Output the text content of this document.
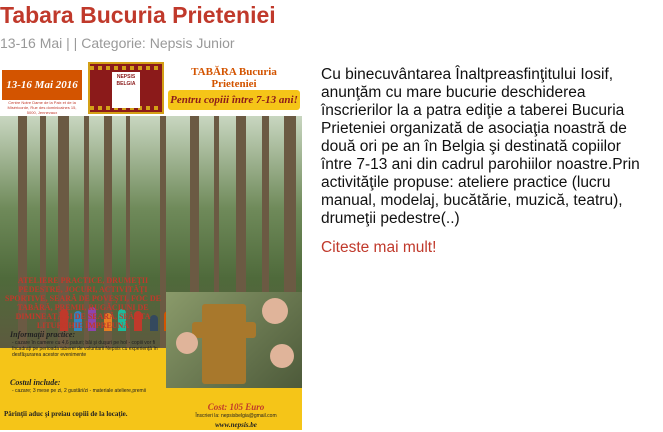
Tabara Bucuria Prieteniei
13-16 Mai | | Categorie: Nepsis Junior
13-16 Mai 2016
Centre Notre Dame de la Paix et de la Miséricorde, Rue des dominicaines 15, 5000, Jennevaux
NEPSIS BELGIA
TABĂRA Bucuria Prieteniei
Pentru copiii între 7-13 ani!
ATELIERE PRACTICE, DRUMEŢII PEDESTRE, JOCURI, ACTIVITĂŢI SPORTIVE, SEARĂ DE POVEŞTI, FOC DE TABĂRĂ, PREMII, RUGĂCIUNI DE DIMINEAŢĂ ŞI DE SEARĂ, SFÂNTA LITURGHIE ÎMPREUNĂ
Informaţii practice:
- cazare în camere cu 4,6 paturi; băi şi duşuri pe hol - copiii vor fi încadraţi pe perioada taberei de voluntarii Nepsis cu experienţă în desfăşurarea acestor evenimente
Costul include:
- cazare; 3 mese pe zi, 2 gustări/zi - materiale ateliere,premii
Părinţii aduc şi preiau copiii de la locaţie.
Cost: 105 Euro
Înscrieri la: nepsisbelgia@gmail.com
www.nepsis.be

Cu binecuvântarea Înaltpreasfinţitului Iosif, anunţăm cu mare bucurie deschiderea înscrierilor la a patra ediţie a taberei Bucuria Prieteniei organizată de asociaţia noastră de două ori pe an în Belgia şi destinată copiilor între 7-13 ani din cadrul parohiilor noastre.Prin activităţile propuse: ateliere practice (lucru manual, modelaj, bucătărie, muzică, teatru), drumeţii pedestre(..)

Citeste mai mult!
